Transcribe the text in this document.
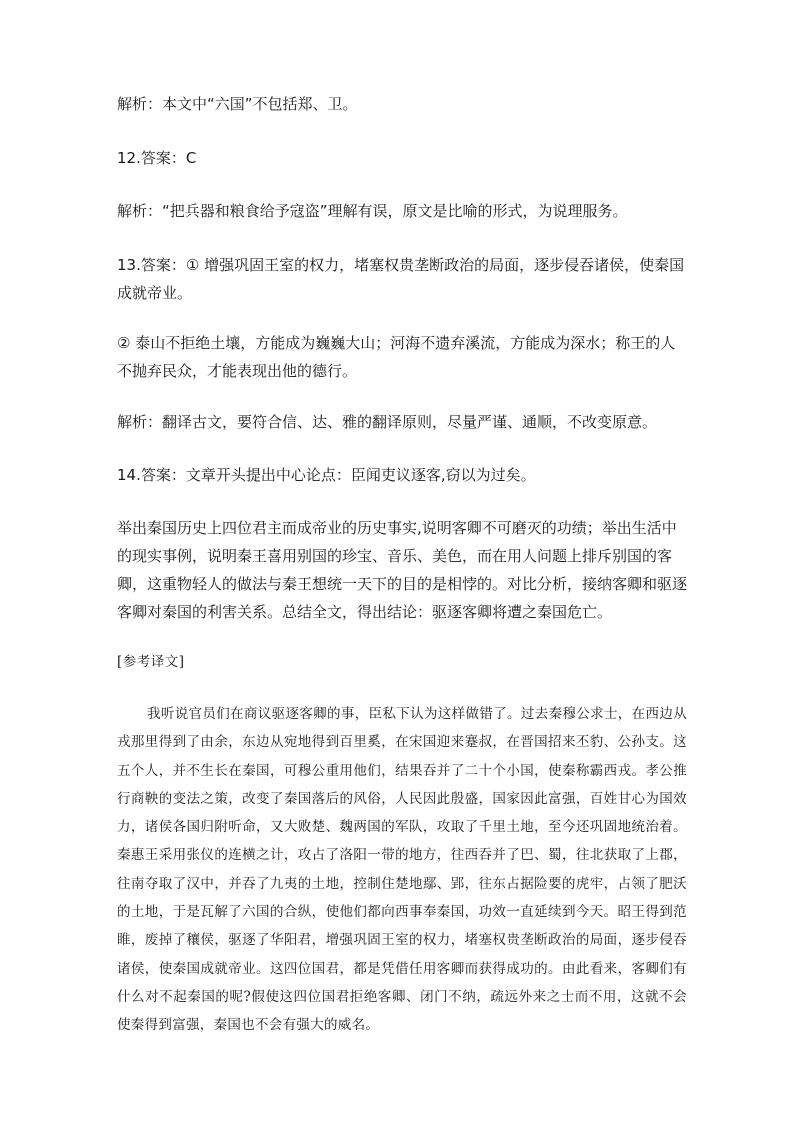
解析：本文中“六国”不包括郑、卫。
12.答案：C
解析：“把兵器和粮食给予寇盗”理解有误，原文是比喻的形式，为说理服务。
13.答案：① 增强巩固王室的权力，堵塞权贵垄断政治的局面，逐步侵吞诸侯，使秦国成就帝业。
② 泰山不拒绝土壤，方能成为巍巍大山；河海不遗弃溪流，方能成为深水；称王的人不抛弃民众，才能表现出他的德行。
解析：翻译古文，要符合信、达、雅的翻译原则，尽量严谨、通顺，不改变原意。
14.答案：文章开头提出中心论点：臣闻吏议逐客,窃以为过矣。
举出秦国历史上四位君主而成帝业的历史事实,说明客卿不可磨灭的功绩；举出生活中的现实事例，说明秦王喜用别国的珍宝、音乐、美色，而在用人问题上排斥别国的客卿，这重物轻人的做法与秦王想统一天下的目的是相悖的。对比分析，接纳客卿和驱逐客卿对秦国的利害关系。总结全文，得出结论：驱逐客卿将遭之秦国危亡。
[参考译文]
我听说官员们在商议驱逐客卿的事，臣私下认为这样做错了。过去秦穆公求士，在西边从戎那里得到了由余，东边从宛地得到百里奚，在宋国迎来蹇叔，在晋国招来丕豹、公孙支。这五个人，并不生长在秦国，可穆公重用他们，结果吞并了二十个小国，使秦称霸西戎。孝公推行商鞅的变法之策，改变了秦国落后的风俗，人民因此殷盛，国家因此富强，百姓甘心为国效力，诸侯各国归附听命，又大败楚、魏两国的军队，攻取了千里土地，至今还巩固地统治着。秦惠王采用张仪的连横之计，攻占了洛阳一带的地方，往西吞并了巴、蜀，往北获取了上郡，往南夺取了汉中，并吞了九夷的土地，控制住楚地鄢、郢，往东占据险要的虎牢，占领了肥沃的土地，于是瓦解了六国的合纵，使他们都向西事奉秦国，功效一直延续到今天。昭王得到范睢，废掉了穰侯，驱逐了华阳君，增强巩固王室的权力，堵塞权贵垄断政治的局面，逐步侵吞诸侯，使秦国成就帝业。这四位国君，都是凭借任用客卿而获得成功的。由此看来，客卿们有什么对不起秦国的呢?假使这四位国君拒绝客卿、闭门不纳，疏远外来之士而不用，这就不会使秦得到富强，秦国也不会有强大的威名。
